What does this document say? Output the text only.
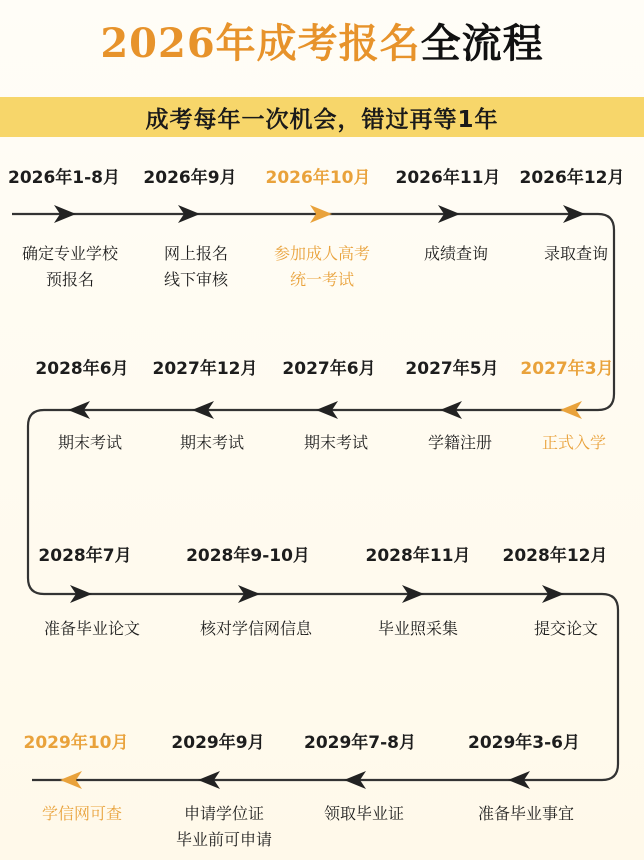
2026年成考报名全流程
成考每年一次机会，错过再等1年
2026年1-8月
确定专业学校
预报名
2026年9月
网上报名
线下审核
2026年10月
参加成人高考
统一考试
2026年11月
成绩查询
2026年12月
录取查询
2028年6月
期末考试
2027年12月
期末考试
2027年6月
期末考试
2027年5月
学籍注册
2027年3月
正式入学
2028年7月
准备毕业论文
2028年9-10月
核对学信网信息
2028年11月
毕业照采集
2028年12月
提交论文
2029年10月
学信网可查
2029年9月
申请学位证
毕业前可申请
2029年7-8月
领取毕业证
2029年3-6月
准备毕业事宜
